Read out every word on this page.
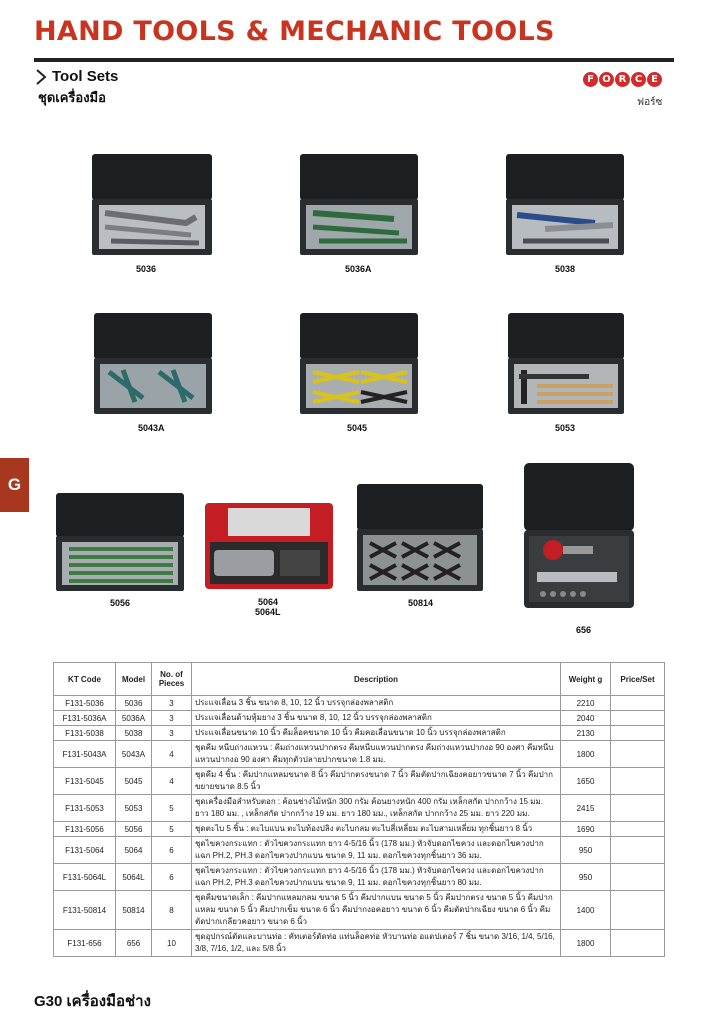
HAND TOOLS & MECHANIC TOOLS
Tool Sets
ชุดเครื่องมือ
F O R C E
ฟอร์ซ
G
5036	5036A	5038
5043A	5045	5053
5056	5064
5064L
50814
656
KT Code	Model	No. of Pieces	Description	Weight g	Price/Set
F131-5036	5036	3	ประแจเลื่อน 3 ชิ้น ขนาด 8, 10, 12 นิ้ว บรรจุกล่องพลาสติก	2210	
F131-5036A	5036A	3	ประแจเลื่อนด้ามหุ้มยาง 3 ชิ้น ขนาด 8, 10, 12 นิ้ว บรรจุกล่องพลาสติก	2040	
F131-5038	5038	3	ประแจเลื่อนขนาด 10 นิ้ว คีมล็อคขนาด 10 นิ้ว คีมคอเลื่อนขนาด 10 นิ้ว บรรจุกล่องพลาสติก	2130	
F131-5043A	5043A	4	ชุดคีม หนีบถ่างแหวน : คีมถ่างแหวนปากตรง คีมหนีบแหวนปากตรง คีมถ่างแหวนปากงอ 90 องศา คีมหนีบแหวนปากงอ 90 องศา คีมทุกตัวปลายปากขนาด 1.8 มม.	1800	
F131-5045	5045	4	ชุดคีม 4 ชิ้น : คีมปากแหลมขนาด 8 นิ้ว คีมปากตรงขนาด 7 นิ้ว คีมตัดปากเฉียงคอยาวขนาด 7 นิ้ว คีมปากขยายขนาด 8.5 นิ้ว	1650	
F131-5053	5053	5	ชุดเครื่องมือสำหรับตอก : ค้อนช่างไม้หนัก 300 กรัม ค้อนยางหนัก 400 กรัม เหล็กสกัด ปากกว้าง 15 มม. ยาว 180 มม. , เหล็กสกัด ปากกว้าง 19 มม. ยาว 180 มม., เหล็กสกัด ปากกว้าง 25 มม. ยาว 220 มม.	2415	
F131-5056	5056	5	ชุดตะไบ 5 ชิ้น : ตะไบแบน ตะไบท้องปลิง ตะไบกลม ตะไบสี่เหลี่ยม ตะไบสามเหลี่ยม ทุกชิ้นยาว 8 นิ้ว	1690	
F131-5064	5064	6	ชุดไขควงกระแทก : ตัวไขควงกระแทก ยาว 4-5/16 นิ้ว (178 มม.) หัวจับดอกไขควง และดอกไขควงปากแฉก PH.2, PH.3 ดอกไขควงปากแบน ขนาด 9, 11 มม. ดอกไขควงทุกชิ้นยาว 36 มม.	950	
F131-5064L	5064L	6	ชุดไขควงกระแทก : ตัวไขควงกระแทก ยาว 4-5/16 นิ้ว (178 มม.) หัวจับดอกไขควง และดอกไขควงปากแฉก PH.2, PH.3 ดอกไขควงปากแบน ขนาด 9, 11 มม. ดอกไขควงทุกชิ้นยาว 80 มม.	950	
F131-50814	50814	8	ชุดคีมขนาดเล็ก : คีมปากแหลมกลม ขนาด 5 นิ้ว คีมปากแบน ขนาด 5 นิ้ว คีมปากตรง ขนาด 5 นิ้ว คีมปากแหลม ขนาด 5 นิ้ว คีมปากเข็ม ขนาด 6 นิ้ว คีมปากงอคอยาว ขนาด 6 นิ้ว คีมตัดปากเฉียง ขนาด 6 นิ้ว คีมตัดปากเกลียวคอยาว ขนาด 6 นิ้ว	1400	
F131-656	656	10	ชุดอุปกรณ์ตัดและบานท่อ : คัทเตอร์ตัดท่อ แท่นล็อคท่อ หัวบานท่อ อแดปเตอร์ 7 ชิ้น ขนาด 3/16, 1/4, 5/16, 3/8, 7/16, 1/2, และ 5/8 นิ้ว	1800	
G30 เครื่องมือช่าง
